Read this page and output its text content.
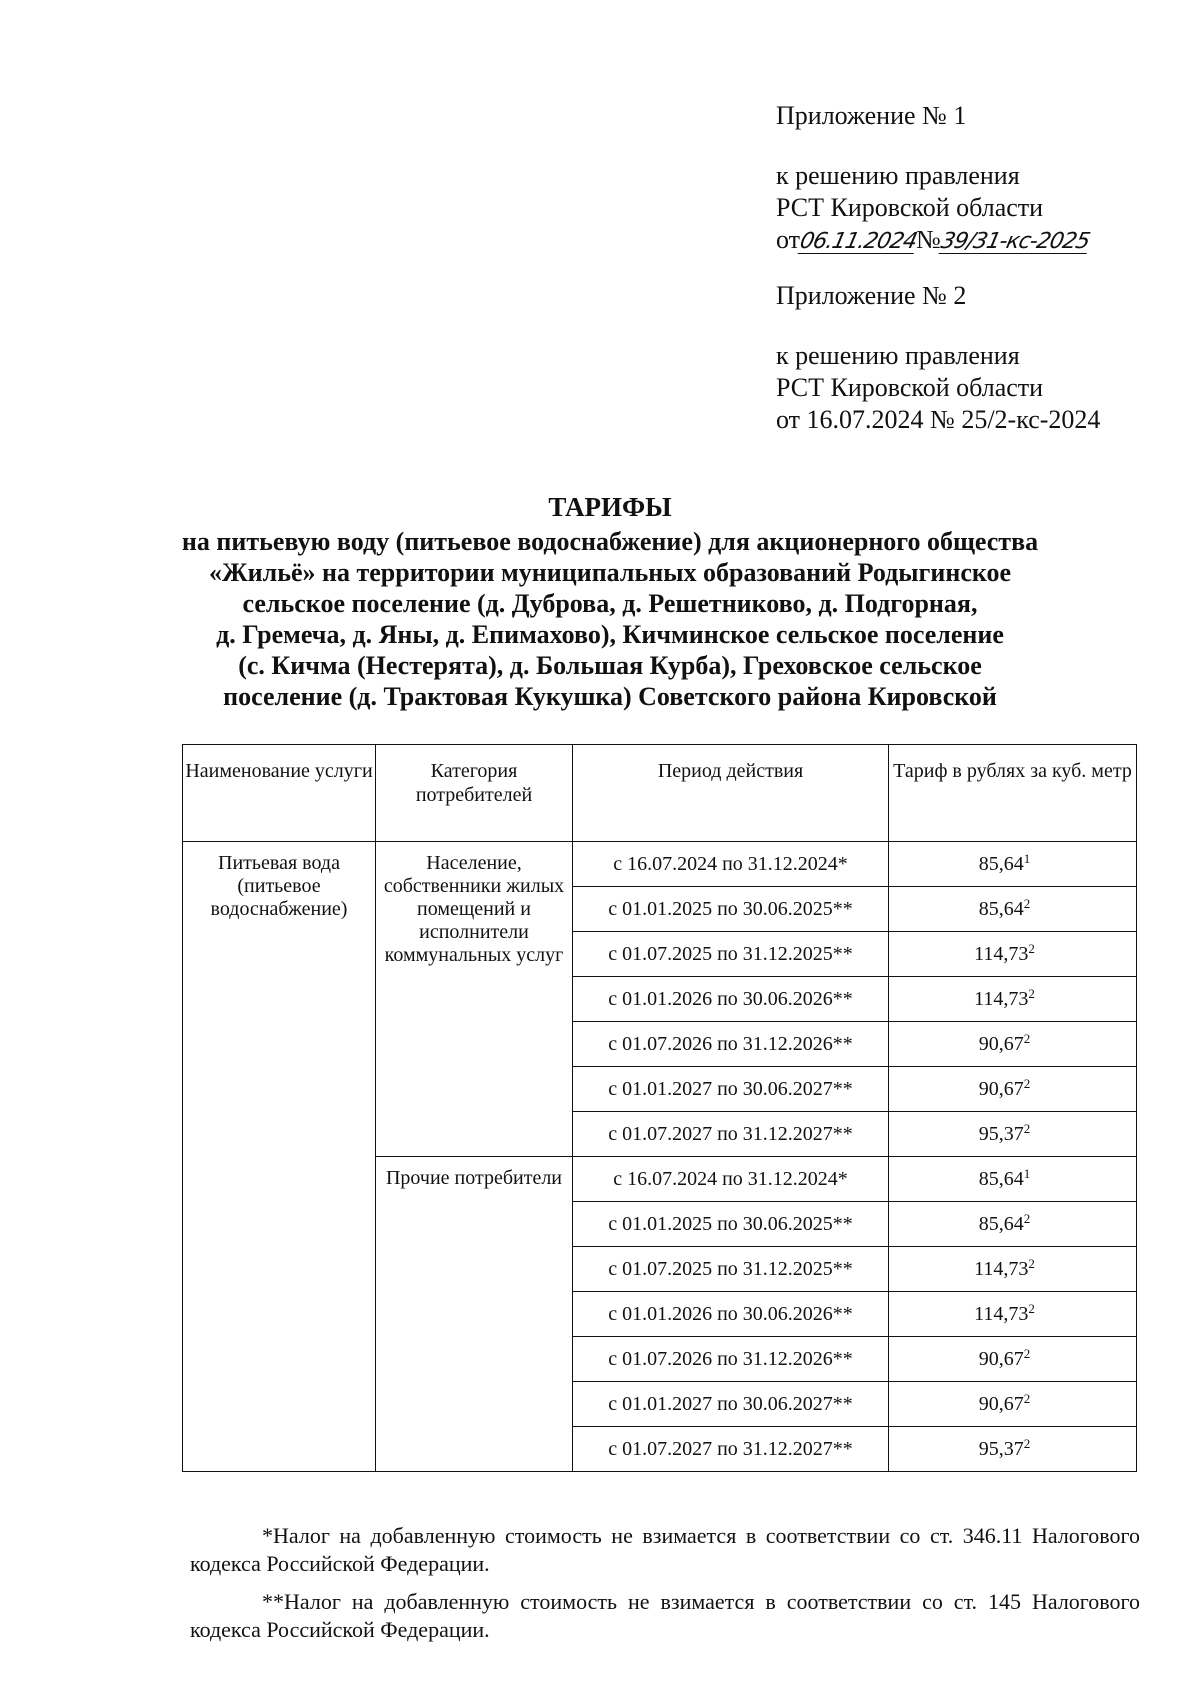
Приложение № 1
к решению правления
РСТ Кировской области
от06.11.2024№39/31-кс-2025
Приложение № 2
к решению правления
РСТ Кировской области
от 16.07.2024 № 25/2-кс-2024
ТАРИФЫ
на питьевую воду (питьевое водоснабжение) для акционерного общества
«Жильё» на территории муниципальных образований Родыгинское
сельское поселение (д. Дуброва, д. Решетниково, д. Подгорная,
д. Гремеча, д. Яны, д. Епимахово), Кичминское сельское поселение
(с. Кичма (Нестерята), д. Большая Курба), Греховское сельское
поселение (д. Трактовая Кукушка) Советского района Кировской
Наименование услуги	Категория потребителей	Период действия	Тариф в рублях за куб. метр
Питьевая вода (питьевое водоснабжение)	Население, собственники жилых помещений и исполнители коммунальных услуг	с 16.07.2024 по 31.12.2024*	85,64$^1$
		с 01.01.2025 по 30.06.2025**	85,64$^2$
		с 01.07.2025 по 31.12.2025**	114,73$^2$
		с 01.01.2026 по 30.06.2026**	114,73$^2$
		с 01.07.2026 по 31.12.2026**	90,67$^2$
		с 01.01.2027 по 30.06.2027**	90,67$^2$
		с 01.07.2027 по 31.12.2027**	95,37$^2$
	Прочие потребители	с 16.07.2024 по 31.12.2024*	85,64$^1$
		с 01.01.2025 по 30.06.2025**	85,64$^2$
		с 01.07.2025 по 31.12.2025**	114,73$^2$
		с 01.01.2026 по 30.06.2026**	114,73$^2$
		с 01.07.2026 по 31.12.2026**	90,67$^2$
		с 01.01.2027 по 30.06.2027**	90,67$^2$
		с 01.07.2027 по 31.12.2027**	95,37$^2$

*Налог на добавленную стоимость не взимается в соответствии со ст. 346.11 Налогового кодекса Российской Федерации.

**Налог на добавленную стоимость не взимается в соответствии со ст. 145 Налогового кодекса Российской Федерации.
